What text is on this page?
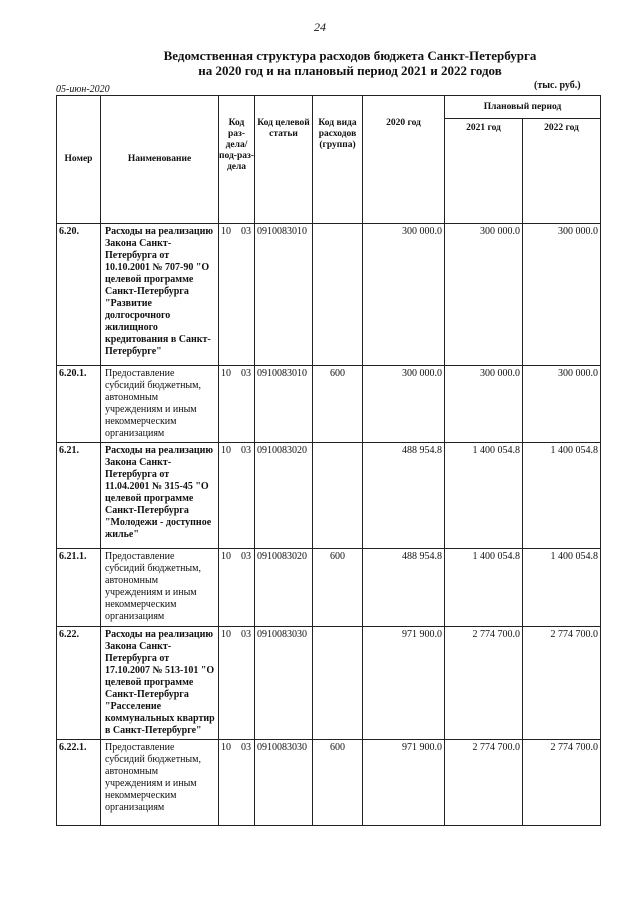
24
Ведомственная структура расходов бюджета Санкт-Петербурга
на 2020 год и на плановый период 2021 и 2022 годов
05-июн-2020	(тыс. руб.)
Номер	Наименование	Код раз-дела/ под-раз-дела	Код целевой статьи	Код вида расходов (группа)	2020 год	Плановый период	
						2021 год	2022 год
6.20.	Расходы на реализацию Закона Санкт-Петербурга от 10.10.2001 № 707-90 "О целевой программе Санкт-Петербурга "Развитие долгосрочного жилищного кредитования в Санкт-Петербурге"	10 03	0910083010		300 000.0	300 000.0	300 000.0
6.20.1.	Предоставление субсидий бюджетным, автономным учреждениям и иным некоммерческим организациям	10 03	0910083010	600	300 000.0	300 000.0	300 000.0
6.21.	Расходы на реализацию Закона Санкт-Петербурга от 11.04.2001 № 315-45 "О целевой программе Санкт-Петербурга "Молодежи - доступное жилье"	10 03	0910083020		488 954.8	1 400 054.8	1 400 054.8
6.21.1.	Предоставление субсидий бюджетным, автономным учреждениям и иным некоммерческим организациям	10 03	0910083020	600	488 954.8	1 400 054.8	1 400 054.8
6.22.	Расходы на реализацию Закона Санкт-Петербурга от 17.10.2007 № 513-101 "О целевой программе Санкт-Петербурга "Расселение коммунальных квартир в Санкт-Петербурге"	10 03	0910083030		971 900.0	2 774 700.0	2 774 700.0
6.22.1.	Предоставление субсидий бюджетным, автономным учреждениям и иным некоммерческим организациям	10 03	0910083030	600	971 900.0	2 774 700.0	2 774 700.0
